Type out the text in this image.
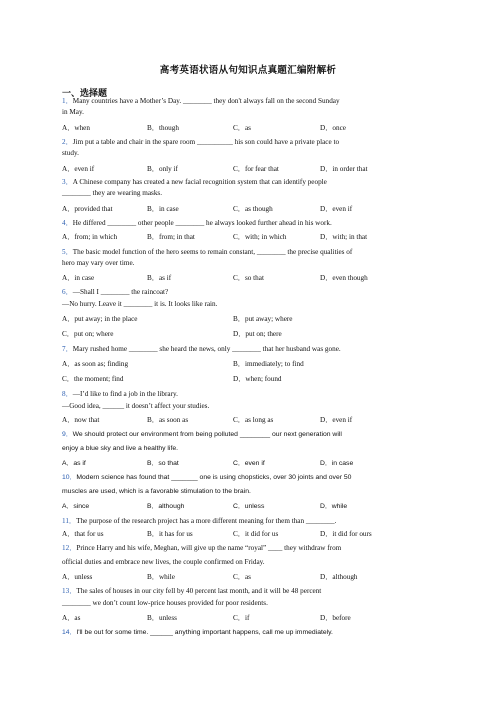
高考英语状语从句知识点真题汇编附解析
一、选择题
1．Many countries have a Mother’s Day. ________ they don't always fall on the second Sunday
in May.
A．when	B．though	C．as	D．once
2．Jim put a table and chair in the spare room __________ his son could have a private place to
study.
A．even if	B．only if	C．for fear that	D．in order that
3．A Chinese company has created a new facial recognition system that can identify people
________ they are wearing masks.
A．provided that	B．in case	C．as though	D．even if
4．He differed ________ other people ________ he always looked further ahead in his work.
A．from; in which	B．from; in that	C．with; in which	D．with; in that
5．The basic model function of the hero seems to remain constant, ________ the precise qualities of
hero may vary over time.
A．in case	B．as if	C．so that	D．even though
6．—Shall I ________ the raincoat?
—No hurry. Leave it ________ it is. It looks like rain.
A．put away; in the place	B．put away; where
C．put on; where	D．put on; there
7．Mary rushed home ________ she heard the news, only ________ that her husband was gone.
A．as soon as; finding	B．immediately; to find
C．the moment; find	D．when; found
8．—I’d like to find a job in the library.
—Good idea, ______ it doesn’t affect your studies.
A．now that	B．as soon as	C．as long as	D．even if
9．We should protect our environment from being polluted ________ our next generation will
enjoy a blue sky and live a healthy life.
A．as if	B．so that	C．even if	D．in case
10．Modern science has found that _______ one is using chopsticks, over 30 joints and over 50
muscles are used, which is a favorable stimulation to the brain.
A．since	B．although	C．unless	D．while
11．The purpose of the research project has a more different meaning for them than ________.
A．that for us	B．it has for us	C．it did for us	D．it did for ours
12．Prince Harry and his wife, Meghan, will give up the name “royal” ____ they withdraw from
official duties and embrace new lives, the couple confirmed on Friday.
A．unless	B．while	C．as	D．although
13．The sales of houses in our city fell by 40 percent last month, and it will be 48 percent
________ we don’t count low-price houses provided for poor residents.
A．as	B．unless	C．if	D．before
14．I'll be out for some time. ______ anything important happens, call me up immediately.
